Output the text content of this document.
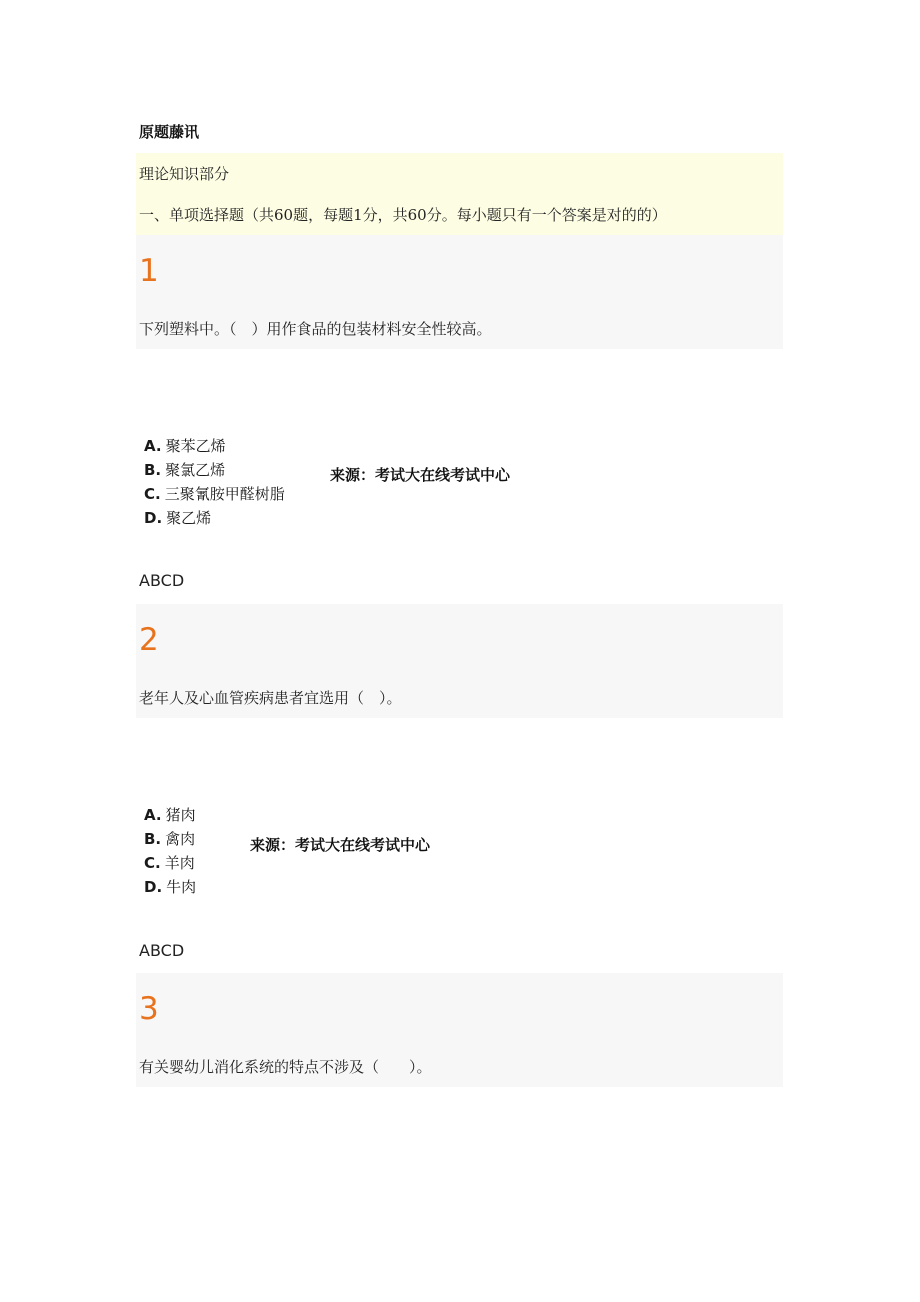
原题藤讯
理论知识部分
一、单项选择题（共60题，每题1分，共60分。每小题只有一个答案是对的的）
1
下列塑料中。（　）用作食品的包装材料安全性较高。
A. 聚苯乙烯
B. 聚氯乙烯
C. 三聚氰胺甲醛树脂
D. 聚乙烯
来源：考试大在线考试中心
ABCD
2
老年人及心血管疾病患者宜选用（　）。
A. 猪肉
B. 禽肉
C. 羊肉
D. 牛肉
来源：考试大在线考试中心
ABCD
3
有关婴幼儿消化系统的特点不涉及（　　）。
